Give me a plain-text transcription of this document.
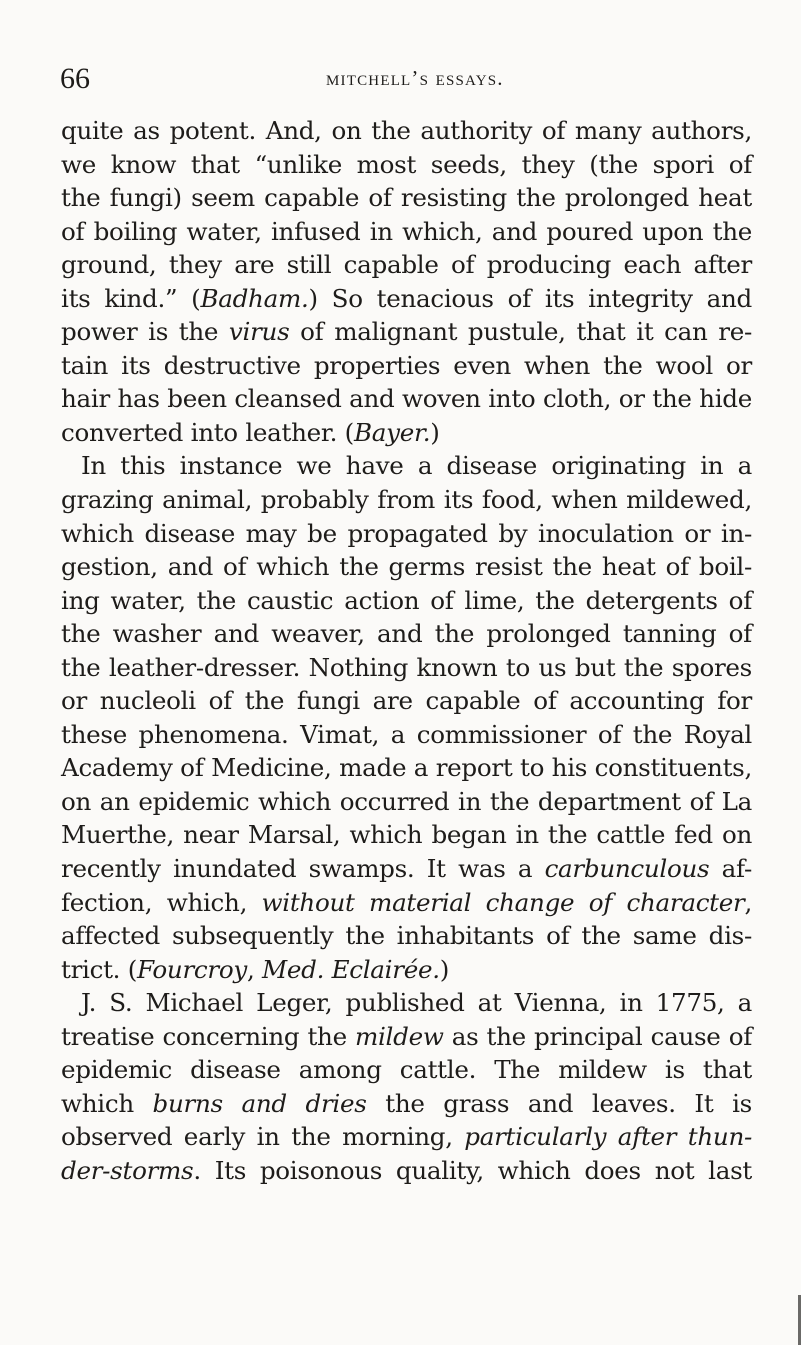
66	mitchell’s essays.
quite as potent. And, on the authority of many authors,
we know that “unlike most seeds, they (the spori of
the fungi) seem capable of resisting the prolonged heat
of boiling water, infused in which, and poured upon the
ground, they are still capable of producing each after
its kind.” (Badham.) So tenacious of its integrity and
power is the virus of malignant pustule, that it can re-
tain its destructive properties even when the wool or
hair has been cleansed and woven into cloth, or the hide
converted into leather. (Bayer.)
In this instance we have a disease originating in a
grazing animal, probably from its food, when mildewed,
which disease may be propagated by inoculation or in-
gestion, and of which the germs resist the heat of boil-
ing water, the caustic action of lime, the detergents of
the washer and weaver, and the prolonged tanning of
the leather-dresser. Nothing known to us but the spores
or nucleoli of the fungi are capable of accounting for
these phenomena. Vimat, a commissioner of the Royal
Academy of Medicine, made a report to his constituents,
on an epidemic which occurred in the department of La
Muerthe, near Marsal, which began in the cattle fed on
recently inundated swamps. It was a carbunculous af-
fection, which, without material change of character,
affected subsequently the inhabitants of the same dis-
trict. (Fourcroy, Med. Eclairée.)
J. S. Michael Leger, published at Vienna, in 1775, a
treatise concerning the mildew as the principal cause of
epidemic disease among cattle. The mildew is that
which burns and dries the grass and leaves. It is
observed early in the morning, particularly after thun-
der-storms. Its poisonous quality, which does not last
